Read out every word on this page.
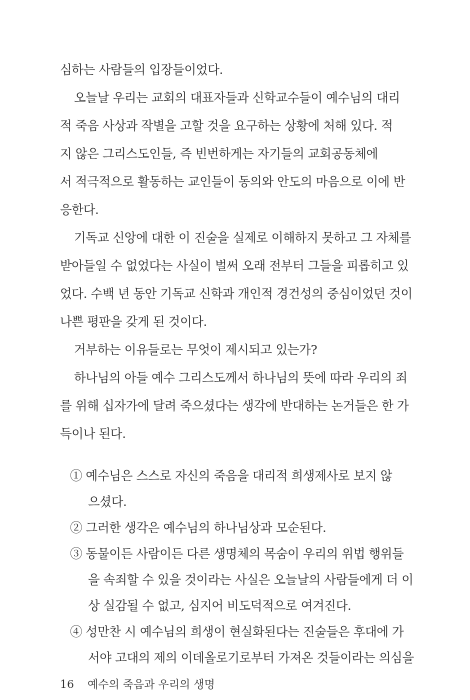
심하는 사람들의 입장들이었다.
오늘날 우리는 교회의 대표자들과 신학교수들이 예수님의 대리
적 죽음 사상과 작별을 고할 것을 요구하는 상황에 처해 있다. 적
지 않은 그리스도인들, 즉 빈번하게는 자기들의 교회공동체에
서 적극적으로 활동하는 교인들이 동의와 안도의 마음으로 이에 반
응한다.
기독교 신앙에 대한 이 진술을 실제로 이해하지 못하고 그 자체를
받아들일 수 없었다는 사실이 벌써 오래 전부터 그들을 피롭히고 있
었다. 수백 년 동안 기독교 신학과 개인적 경건성의 중심이었던 것이
나쁜 평판을 갖게 된 것이다.
거부하는 이유들로는 무엇이 제시되고 있는가?
하나님의 아들 예수 그리스도께서 하나님의 뜻에 따라 우리의 죄
를 위해 십자가에 달려 죽으셨다는 생각에 반대하는 논거들은 한 가
득이나 된다.
① 예수님은 스스로 자신의 죽음을 대리적 희생제사로 보지 않
으셨다.
② 그러한 생각은 예수님의 하나님상과 모순된다.
③ 동물이든 사람이든 다른 생명체의 목숨이 우리의 위법 행위들
을 속죄할 수 있을 것이라는 사실은 오늘날의 사람들에게 더 이
상 실감될 수 없고, 심지어 비도덕적으로 여겨진다.
④ 성만찬 시 예수님의 희생이 현실화된다는 진술들은 후대에 가
서야 고대의 제의 이데올로기로부터 가져온 것들이라는 의심을
16 예수의 죽음과 우리의 생명
